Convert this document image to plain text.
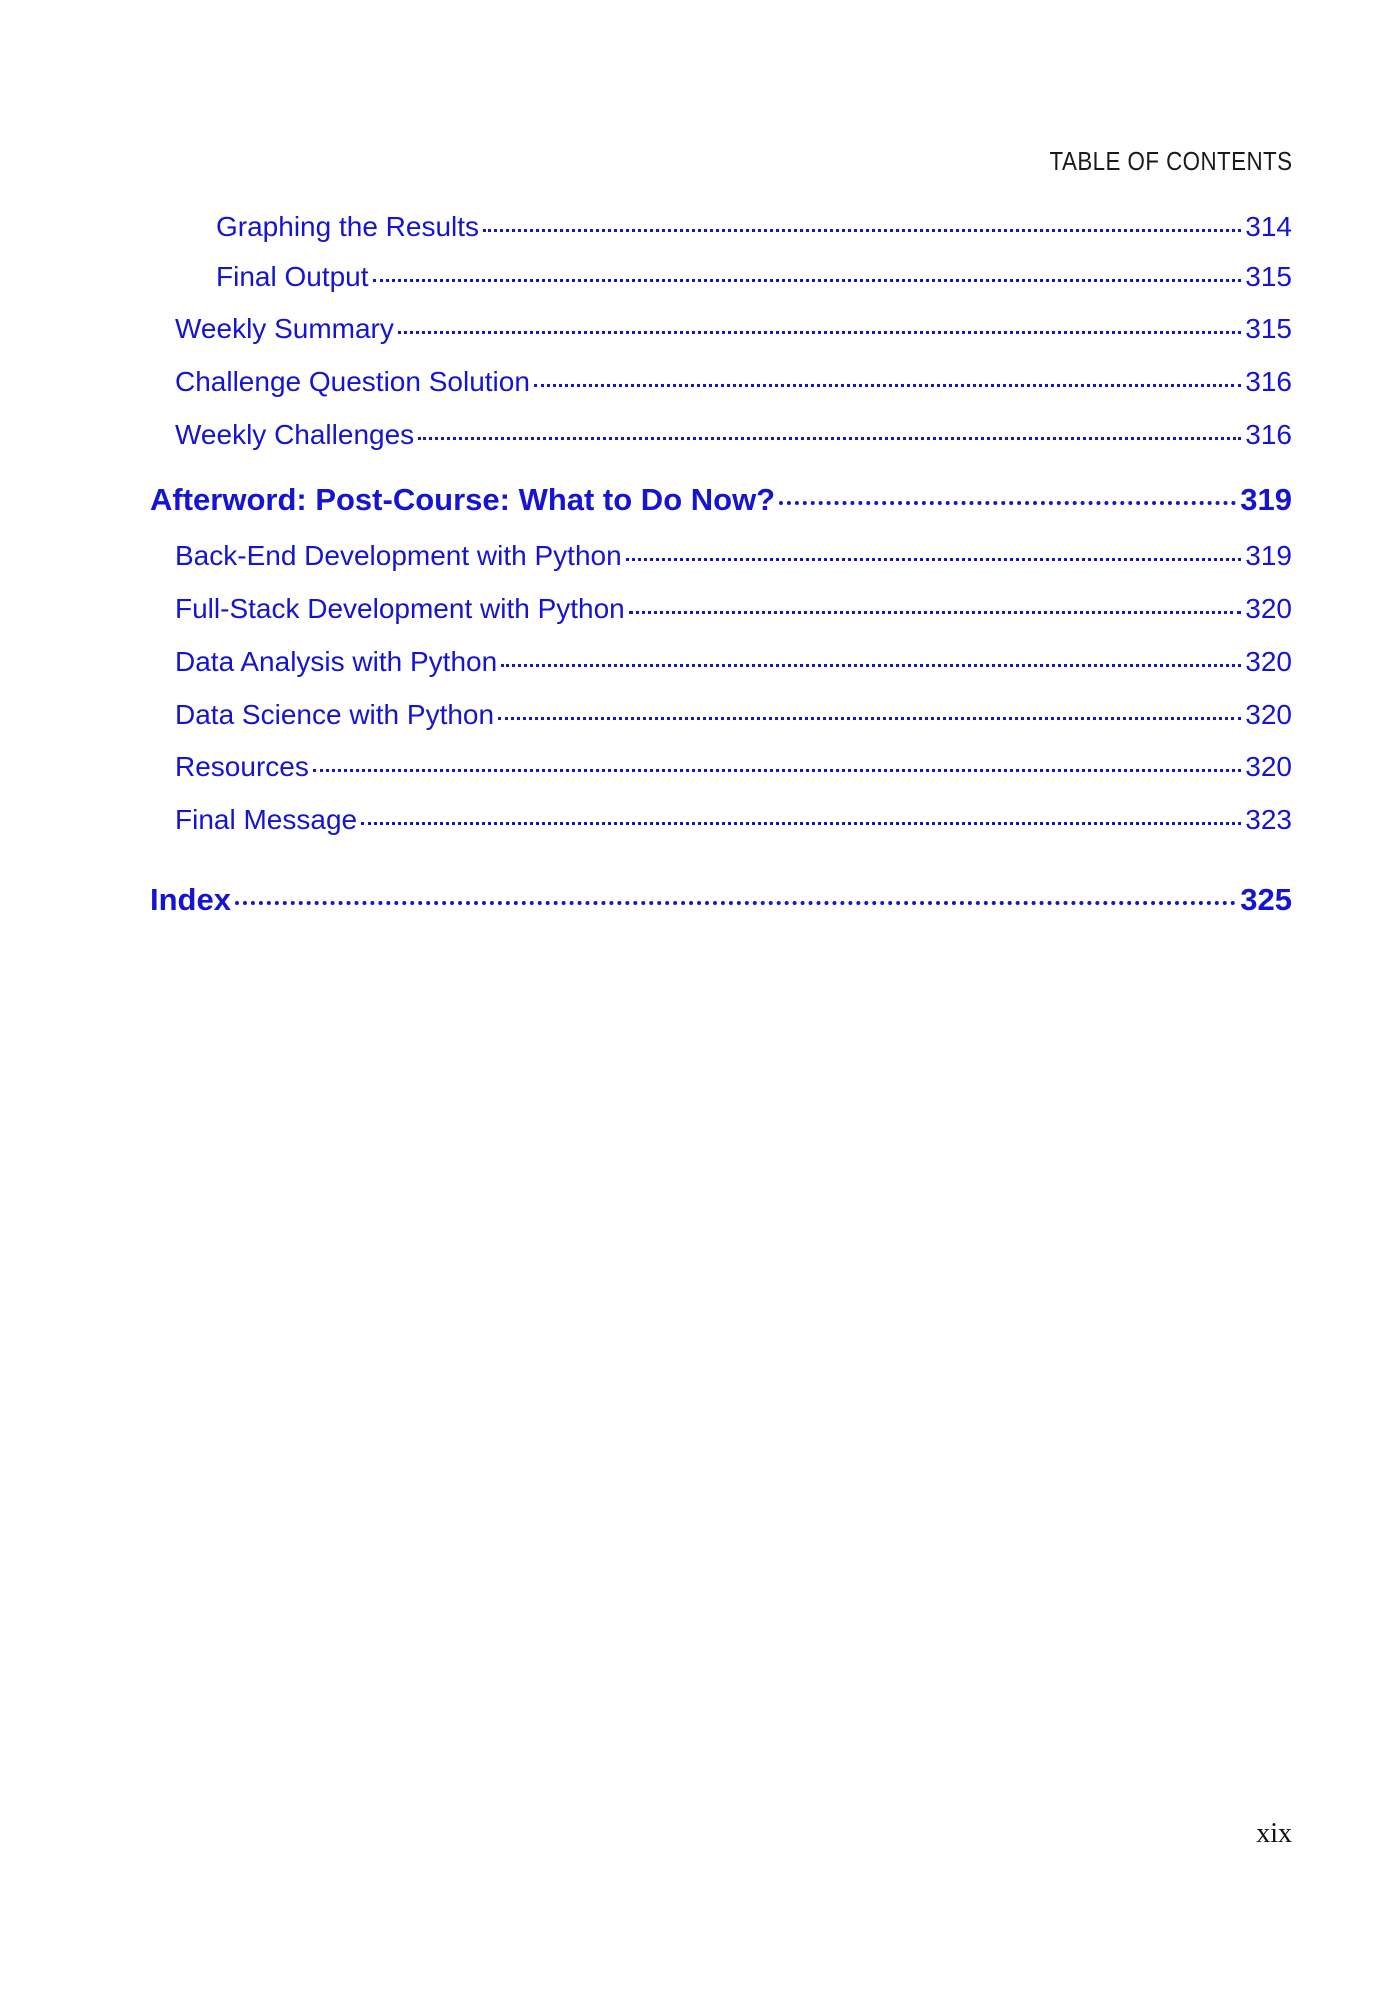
TABLE OF CONTENTS
Graphing the Results	314
Final Output	315
Weekly Summary	315
Challenge Question Solution	316
Weekly Challenges	316
Afterword: Post-Course: What to Do Now?	319
Back-End Development with Python	319
Full-Stack Development with Python	320
Data Analysis with Python	320
Data Science with Python	320
Resources	320
Final Message	323
Index	325
xix
